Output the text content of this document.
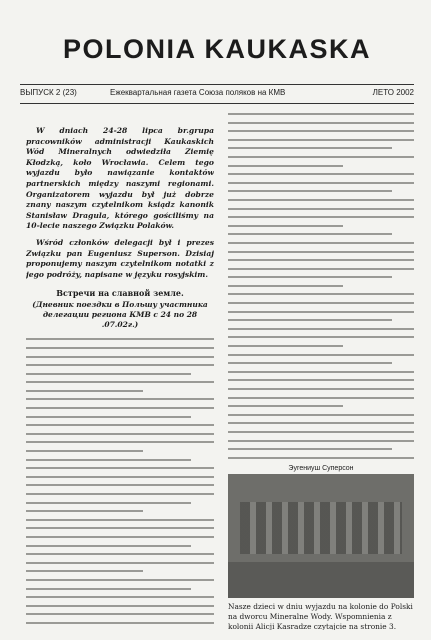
POLONIA KAUKASKA
ВЫПУСК 2 (23)	Ежеквартальная газета Союза поляков на КМВ	ЛЕТО 2002

W dniach 24-28 lipca br.grupa pracowników administracji Kaukaskich Wód Mineralnych odwiedziła Ziemię Kłodzką, koło Wrocławia. Celem tego wyjazdu było nawiązanie kontaktów partnerskich między naszymi regionami. Organizatorem wyjazdu był już dobrze znany naszym czytelnikom ksiądz kanonik Stanisław Dragula, którego gościliśmy na 10-lecie naszego Związku Polaków.

Wśród członków delegacji był i prezes Związku pan Eugeniusz Superson. Dzisiaj proponujemy naszym czytelnikom notatki z jego podróży, napisane w języku rosyjskim.

Встречи на славной земле.
(Дневник поездки в Польшу участника делегации региона КМВ с 24 по 28 .07.02г.)
Эугениуш Суперсон

Nasze dzieci w dniu wyjazdu na kolonie do Polski na dworcu Mineralne Wody. Wspomnienia z kolonii Alicji Kasradze czytajcie na stronie 3.
